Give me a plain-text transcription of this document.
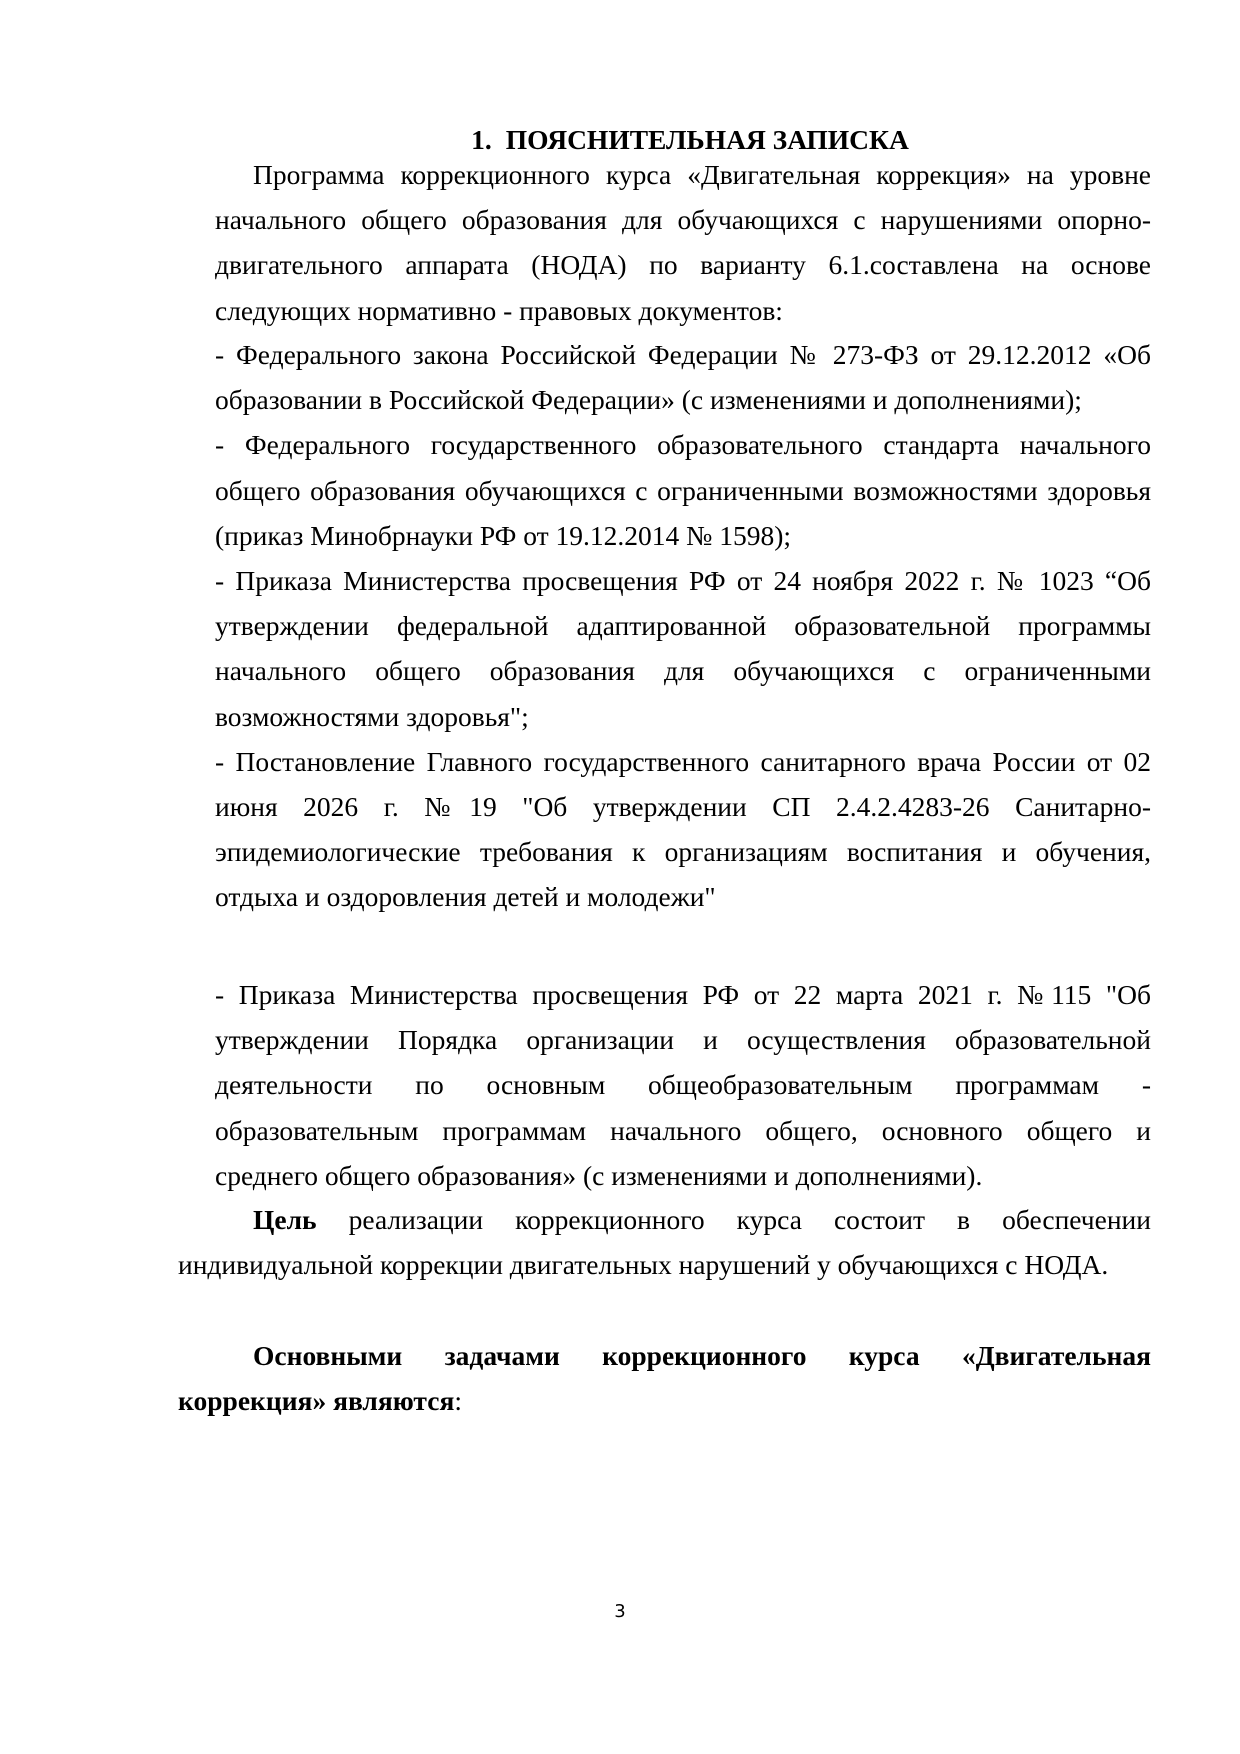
1. ПОЯСНИТЕЛЬНАЯ ЗАПИСКА

Программа коррекционного курса «Двигательная коррекция» на уровне начального общего образования для обучающихся с нарушениями опорно-двигательного аппарата (НОДА) по варианту 6.1.составлена на основе следующих нормативно - правовых документов:

- Федерального закона Российской Федерации № 273-ФЗ от 29.12.2012 «Об образовании в Российской Федерации» (с изменениями и дополнениями);

- Федерального государственного образовательного стандарта начального общего образования обучающихся с ограниченными возможностями здоровья (приказ Минобрнауки РФ от 19.12.2014 № 1598);

- Приказа Министерства просвещения РФ от 24 ноября 2022 г. № 1023 “Об утверждении федеральной адаптированной образовательной программы начального общего образования для обучающихся с ограниченными возможностями здоровья";

- Постановление Главного государственного санитарного врача России от 02 июня 2026 г. №19 "Об утверждении СП 2.4.2.4283-26 Санитарно-эпидемиологические требования к организациям воспитания и обучения, отдыха и оздоровления детей и молодежи"

- Приказа Министерства просвещения РФ от 22 марта 2021 г. №115 "Об утверждении Порядка организации и осуществления образовательной деятельности по основным общеобразовательным программам - образовательным программам начального общего, основного общего и среднего общего образования» (с изменениями и дополнениями).

Цель реализации коррекционного курса состоит в обеспечении индивидуальной коррекции двигательных нарушений у обучающихся с НОДА.

Основными задачами коррекционного курса «Двигательная коррекция» являются:

3
